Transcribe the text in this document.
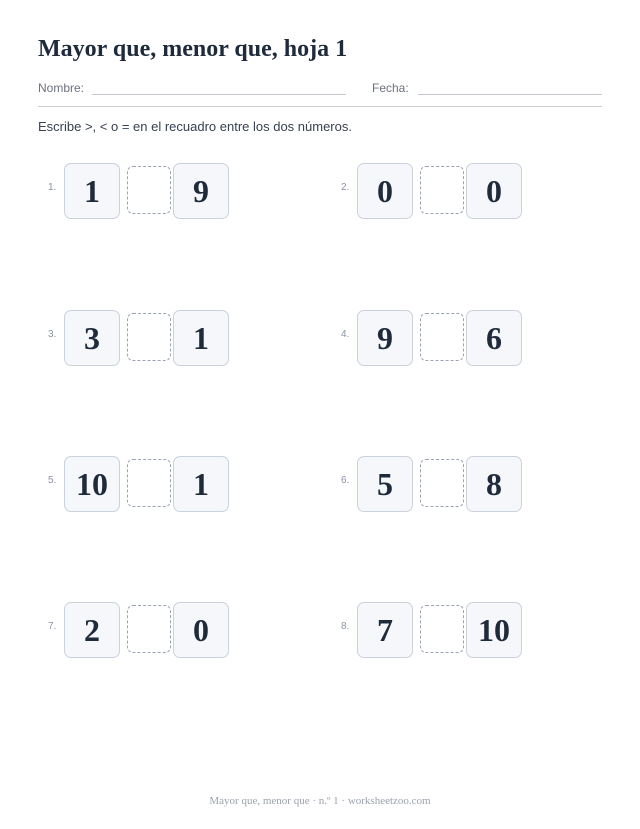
Mayor que, menor que, hoja 1
Nombre:	Fecha:
Escribe >, < o = en el recuadro entre los dos números.
1. 1	9	2. 0	0
3. 3	1	4. 9	6
5. 10	1	6. 5	8
7. 2	0	8. 7	10
Mayor que, menor que · n.º 1 · worksheetzoo.com
